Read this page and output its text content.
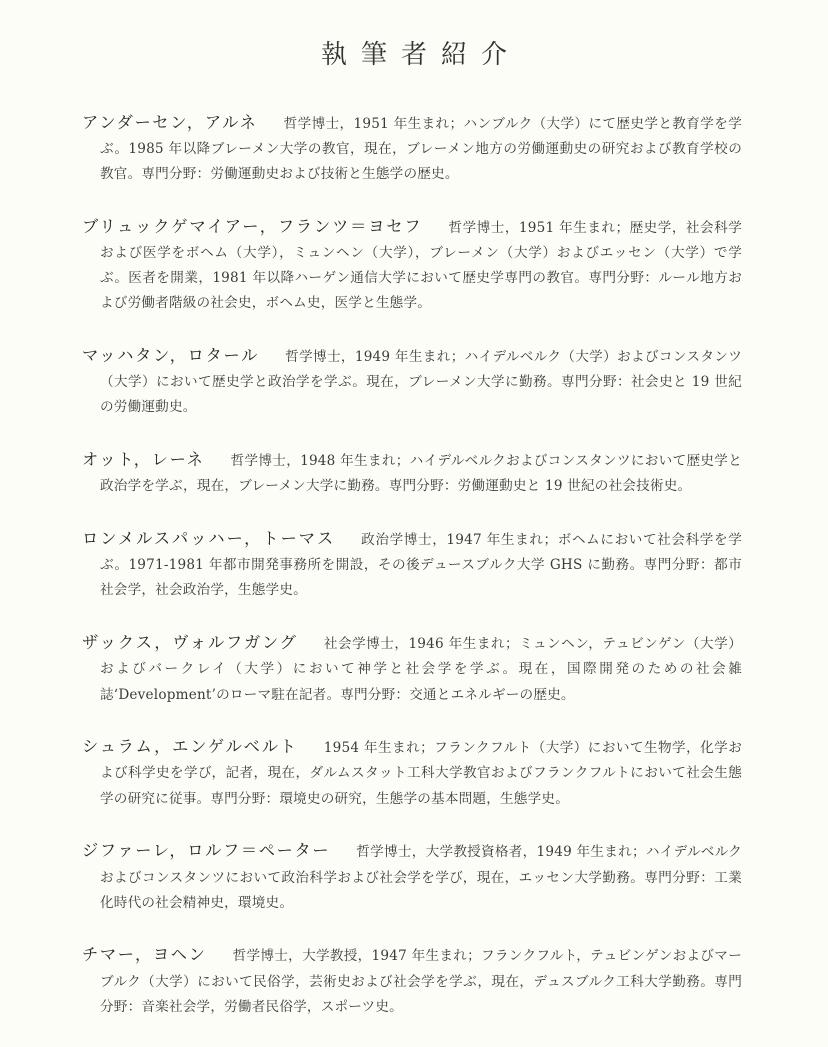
執筆者紹介

アンダーセン，アルネ 哲学博士，1951 年生まれ；ハンブルク（大学）にて歴史学と教育学を学ぶ。1985 年以降ブレーメン大学の教官，現在，ブレーメン地方の労働運動史の研究および教育学校の教官。専門分野：労働運動史および技術と生態学の歴史。

ブリュックゲマイアー，フランツ＝ヨセフ 哲学博士，1951 年生まれ；歴史学，社会科学および医学をボヘム（大学），ミュンヘン（大学），ブレーメン（大学）およびエッセン（大学）で学ぶ。医者を開業，1981 年以降ハーゲン通信大学において歴史学専門の教官。専門分野：ルール地方および労働者階級の社会史，ボヘム史，医学と生態学。

マッハタン，ロタール 哲学博士，1949 年生まれ；ハイデルベルク（大学）およびコンスタンツ（大学）において歴史学と政治学を学ぶ。現在，ブレーメン大学に勤務。専門分野：社会史と 19 世紀の労働運動史。

オット，レーネ 哲学博士，1948 年生まれ；ハイデルベルクおよびコンスタンツにおいて歴史学と政治学を学ぶ，現在，ブレーメン大学に勤務。専門分野：労働運動史と 19 世紀の社会技術史。

ロンメルスパッハー，トーマス 政治学博士，1947 年生まれ；ボヘムにおいて社会科学を学ぶ。1971-1981 年都市開発事務所を開設，その後デュースブルク大学 GHS に勤務。専門分野：都市社会学，社会政治学，生態学史。

ザックス，ヴォルフガング 社会学博士，1946 年生まれ；ミュンヘン，テュビンゲン（大学）およびバークレイ（大学）において神学と社会学を学ぶ。現在，国際開発のための社会雑誌‘Development’のローマ駐在記者。専門分野：交通とエネルギーの歴史。

シュラム，エンゲルベルト 1954 年生まれ；フランクフルト（大学）において生物学，化学および科学史を学び，記者，現在，ダルムスタット工科大学教官およびフランクフルトにおいて社会生態学の研究に従事。専門分野：環境史の研究，生態学の基本問題，生態学史。

ジファーレ，ロルフ＝ペーター 哲学博士，大学教授資格者，1949 年生まれ；ハイデルベルクおよびコンスタンツにおいて政治科学および社会学を学び，現在，エッセン大学勤務。専門分野：工業化時代の社会精神史，環境史。

チマー，ヨヘン 哲学博士，大学教授，1947 年生まれ；フランクフルト，テュビンゲンおよびマーブルク（大学）において民俗学，芸術史および社会学を学ぶ，現在，デュスブルク工科大学勤務。専門分野：音楽社会学，労働者民俗学，スポーツ史。
